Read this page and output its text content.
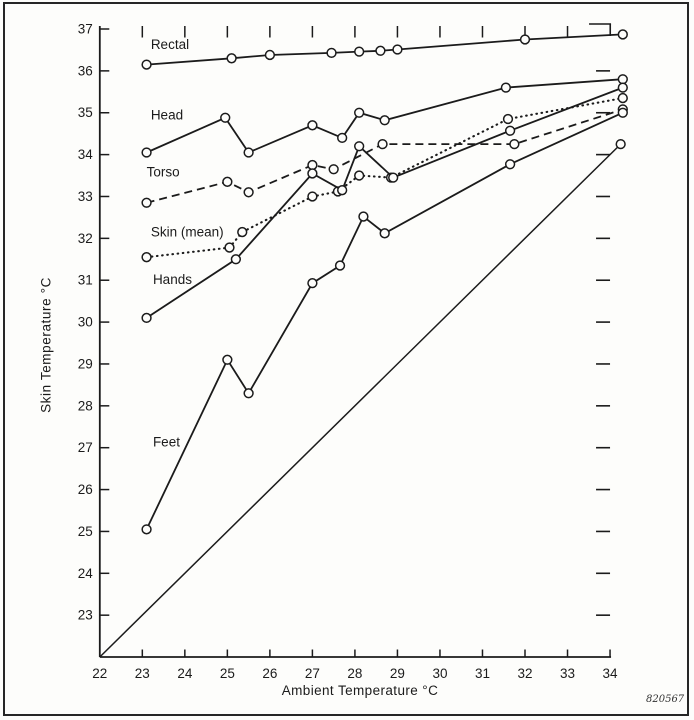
23
24
25
26
27
28
29
30
31
32
33
34
35
36
37
22 23 24 25 26 27 28 29 30 31 32 33 34
Rectal
Head
Torso
Skin (mean)
Hands
Feet
Ambient Temperature °C
Skin Temperature °C
820567
